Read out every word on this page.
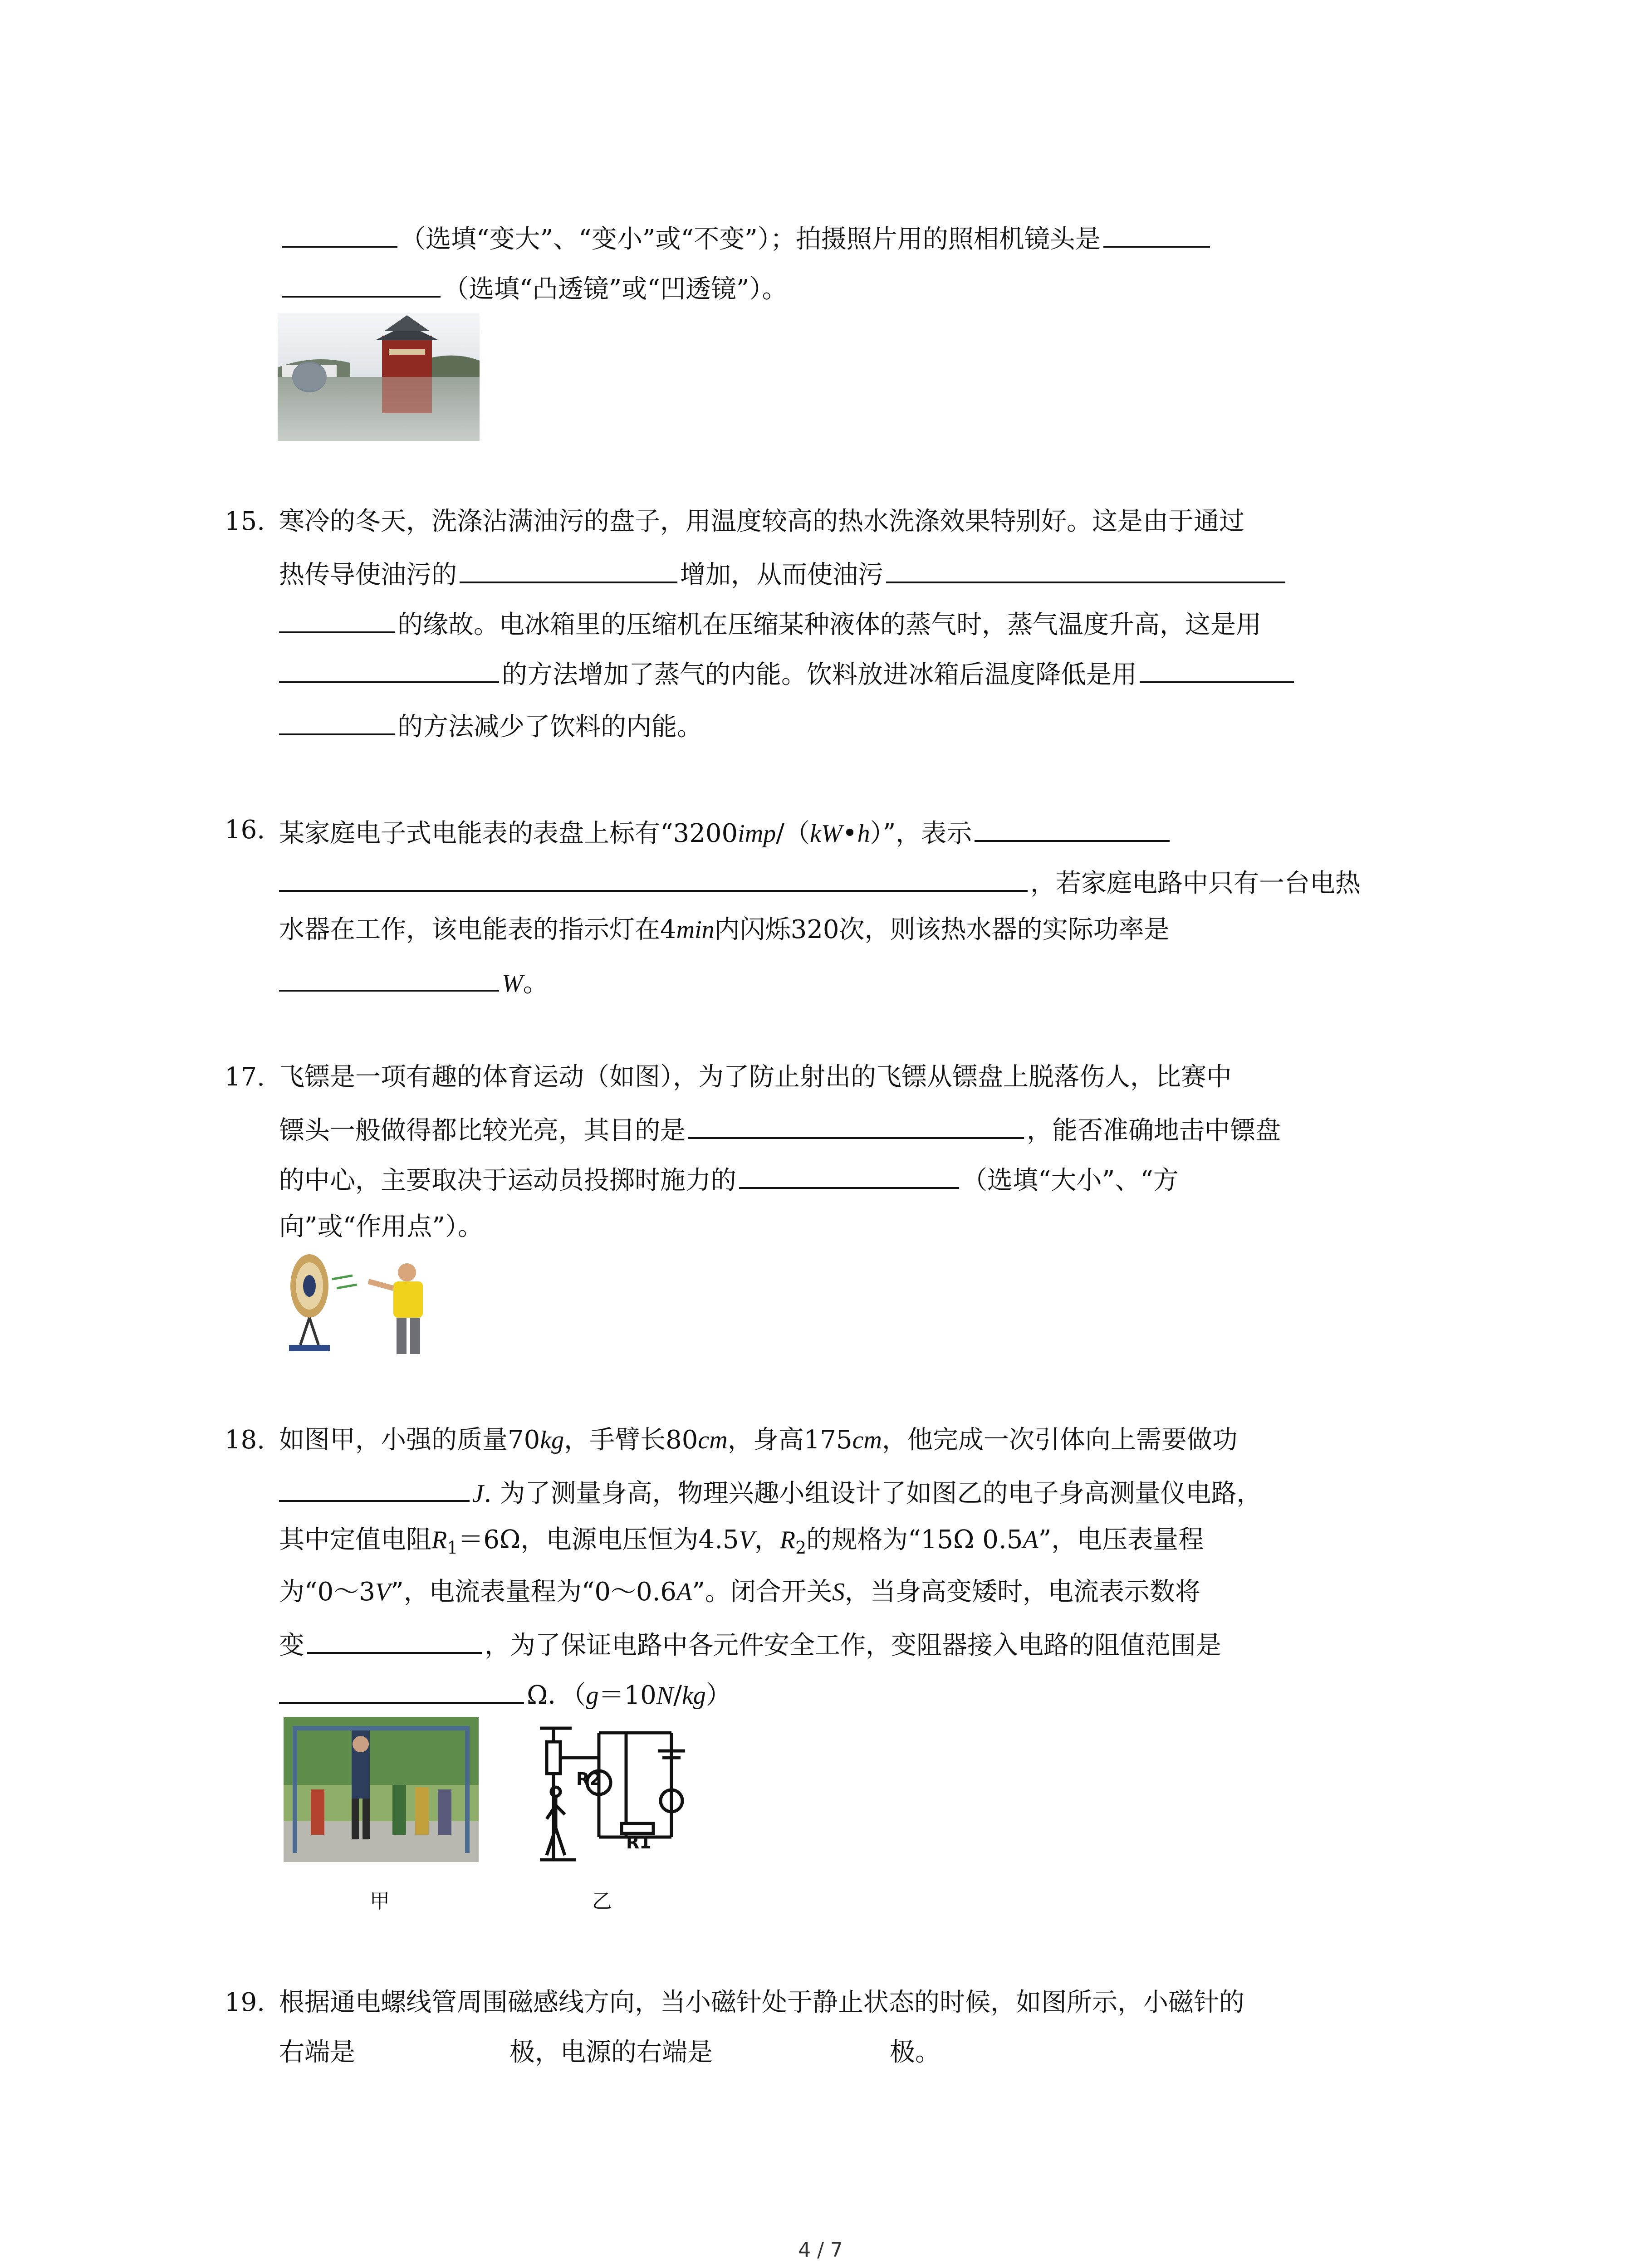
（选填“变大”、“变小”或“不变”）；拍摄照片用的照相机镜头是
（选填“凸透镜”或“凹透镜”）。
15. 寒冷的冬天，洗涤沾满油污的盘子，用温度较高的热水洗涤效果特别好。这是由于通过
热传导使油污的	增加，从而使油污
的缘故。电冰箱里的压缩机在压缩某种液体的蒸气时，蒸气温度升高，这是用
的方法增加了蒸气的内能。饮料放进冰箱后温度降低是用
的方法减少了饮料的内能。
16. 某家庭电子式电能表的表盘上标有“3200imp/（kW•h）”，表示
，若家庭电路中只有一台电热
水器在工作，该电能表的指示灯在4min内闪烁320次，则该热水器的实际功率是
W。
17. 飞镖是一项有趣的体育运动（如图），为了防止射出的飞镖从镖盘上脱落伤人，比赛中
镖头一般做得都比较光亮，其目的是	，能否准确地击中镖盘
的中心，主要取决于运动员投掷时施力的	（选填“大小”、“方
向”或“作用点”）。
18. 如图甲，小强的质量70kg，手臂长80cm，身高175cm，他完成一次引体向上需要做功
J. 为了测量身高，物理兴趣小组设计了如图乙的电子身高测量仪电路，
其中定值电阻$R_1=6\Omega$，电源电压恒为4.5V，$R_2$的规格为“15Ω 0.5A”，电压表量程
为“0～3V”，电流表量程为“0～0.6A”。闭合开关S，当身高变矮时，电流表示数将
变	，为了保证电路中各元件安全工作，变阻器接入电路的阻值范围是
Ω．（g＝10N/kg）
甲
R2
R1
乙
19. 根据通电螺线管周围磁感线方向，当小磁针处于静止状态的时候，如图所示，小磁针的
右端是	极，电源的右端是	极。
4 / 7
